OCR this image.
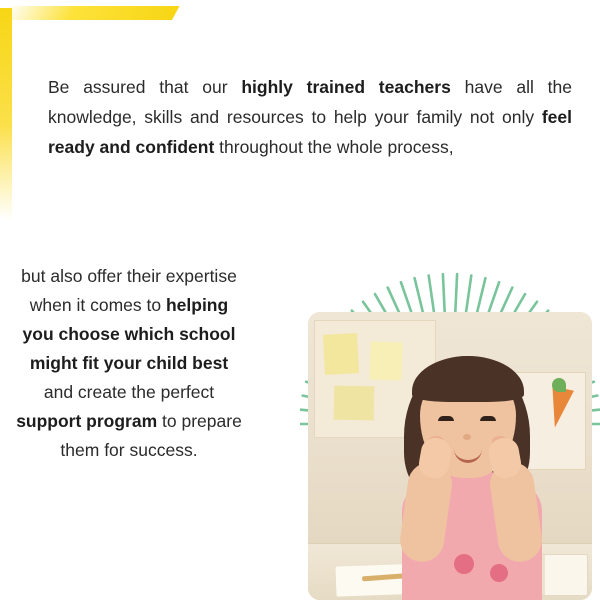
Be assured that our highly trained teachers have all the knowledge, skills and resources to help your family not only feel ready and confident throughout the whole process,
but also offer their expertise when it comes to helping you choose which school might fit your child best and create the perfect support program to prepare them for success.
